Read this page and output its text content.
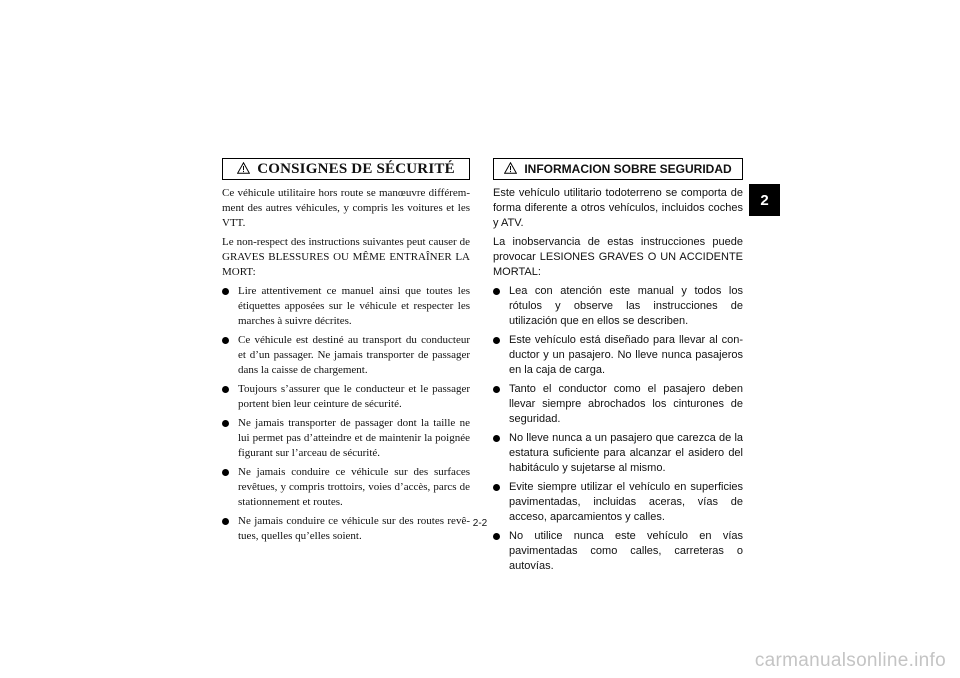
CONSIGNES DE SÉCURITÉ

Ce véhicule utilitaire hors route se manœuvre différemment des autres véhicules, y compris les voitures et les VTT.

Le non-respect des instructions suivantes peut causer de GRAVES BLESSURES OU MÊME ENTRAÎNER LA MORT:

Lire attentivement ce manuel ainsi que toutes les étiquettes apposées sur le véhicule et respecter les marches à suivre décrites.
Ce véhicule est destiné au transport du conducteur et d’un passager. Ne jamais transporter de passager dans la caisse de chargement.
Toujours s’assurer que le conducteur et le passager portent bien leur ceinture de sécurité.
Ne jamais transporter de passager dont la taille ne lui permet pas d’atteindre et de maintenir la poignée figurant sur l’arceau de sécurité.
Ne jamais conduire ce véhicule sur des surfaces revêtues, y compris trottoirs, voies d’accès, parcs de stationnement et routes.
Ne jamais conduire ce véhicule sur des routes revêtues, quelles qu’elles soient.
INFORMACION SOBRE SEGURIDAD

Este vehículo utilitario todoterreno se comporta de forma diferente a otros vehículos, incluidos coches y ATV.

La inobservancia de estas instrucciones puede provocar LESIONES GRAVES O UN ACCIDENTE MORTAL:

Lea con atención este manual y todos los rótulos y observe las instrucciones de utilización que en ellos se describen.
Este vehículo está diseñado para llevar al conductor y un pasajero. No lleve nunca pasajeros en la caja de carga.
Tanto el conductor como el pasajero deben llevar siempre abrochados los cinturones de seguridad.
No lleve nunca a un pasajero que carezca de la estatura suficiente para alcanzar el asidero del habitáculo y sujetarse al mismo.
Evite siempre utilizar el vehículo en superficies pavimentadas, incluidas aceras, vías de acceso, aparcamientos y calles.
No utilice nunca este vehículo en vías pavimentadas como calles, carreteras o autovías.
2
2-2
carmanualsonline.info
